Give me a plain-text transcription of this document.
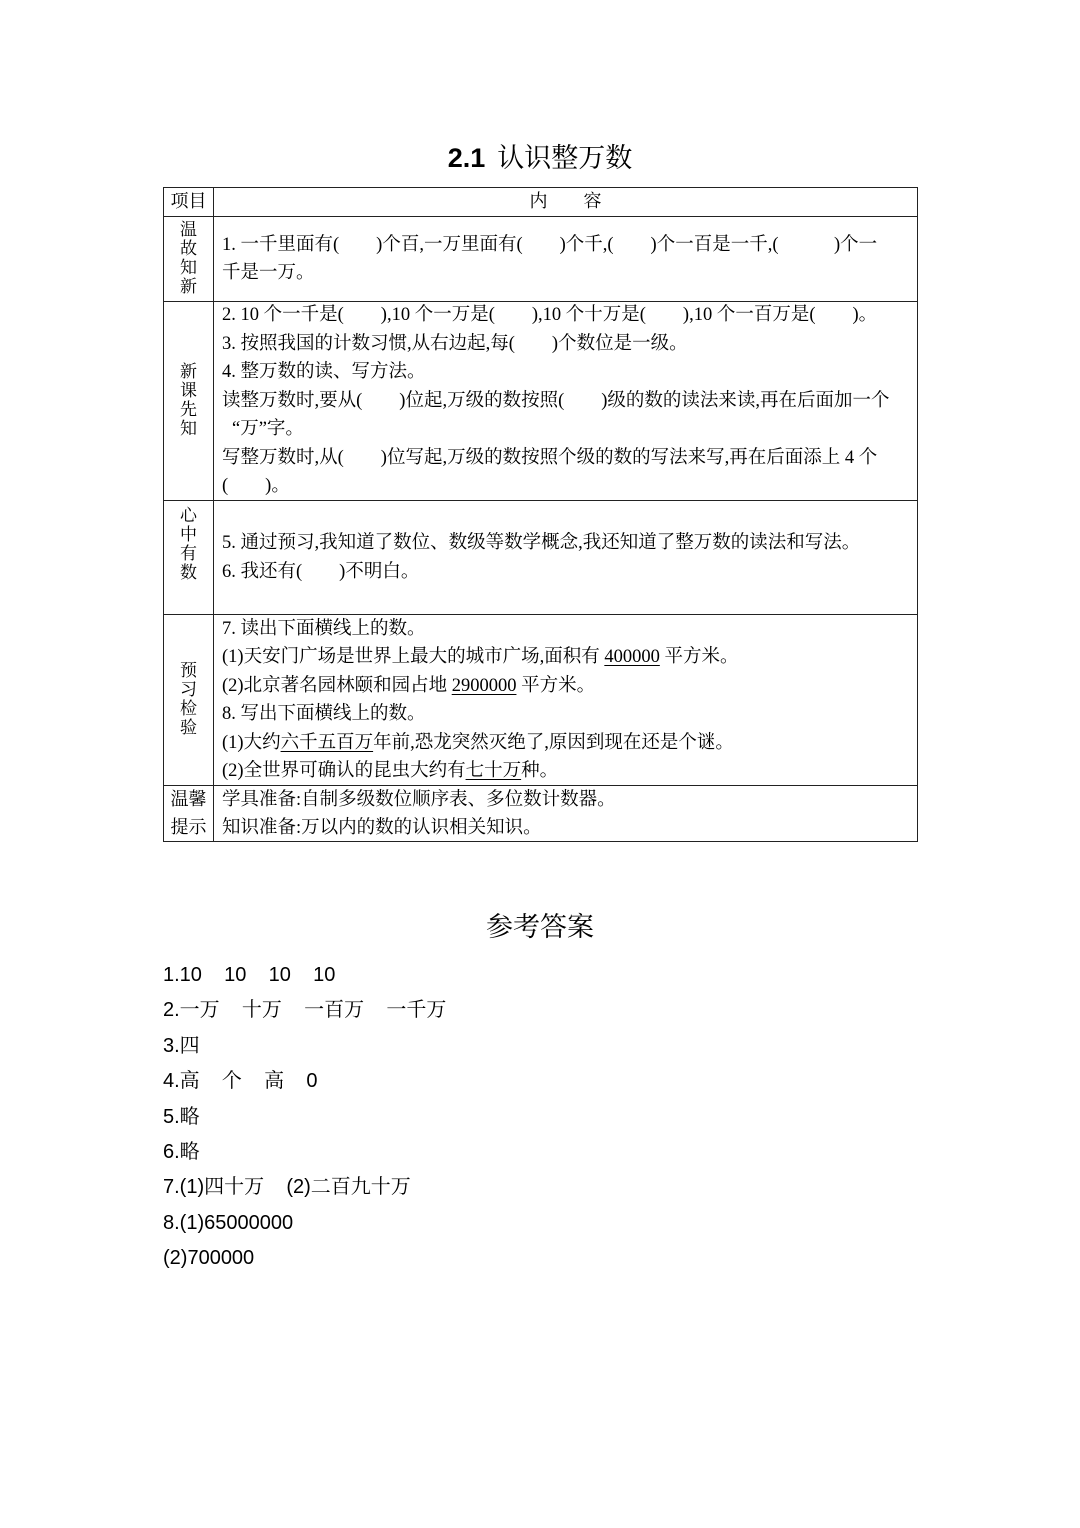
2.1 认识整万数
项目	内　　容
温故知新
1. 一千里面有(　　)个百,一万里面有(　　)个千,(　　)个一百是一千,(　　　)个一
千是一万。
新课先知
2. 10 个一千是(　　),10 个一万是(　　),10 个十万是(　　),10 个一百万是(　　)。
3. 按照我国的计数习惯,从右边起,每(　　)个数位是一级。
4. 整万数的读、写方法。
读整万数时,要从(　　)位起,万级的数按照(　　)级的数的读法来读,再在后面加一个
“万”字。
写整万数时,从(　　)位写起,万级的数按照个级的数的写法来写,再在后面添上 4 个
(　　)。
心中有数
5. 通过预习,我知道了数位、数级等数学概念,我还知道了整万数的读法和写法。
6. 我还有(　　)不明白。
预习检验
7. 读出下面横线上的数。
(1)天安门广场是世界上最大的城市广场,面积有 400000 平方米。
(2)北京著名园林颐和园占地 2900000 平方米。
8. 写出下面横线上的数。
(1)大约六千五百万年前,恐龙突然灭绝了,原因到现在还是个谜。
(2)全世界可确认的昆虫大约有七十万种。
温馨提示
学具准备:自制多级数位顺序表、多位数计数器。
知识准备:万以内的数的认识相关知识。
参考答案
1.10    10    10    10
2.一万    十万    一百万    一千万
3.四
4.高    个    高    0
5.略
6.略
7.(1)四十万    (2)二百九十万
8.(1)65000000
(2)700000
